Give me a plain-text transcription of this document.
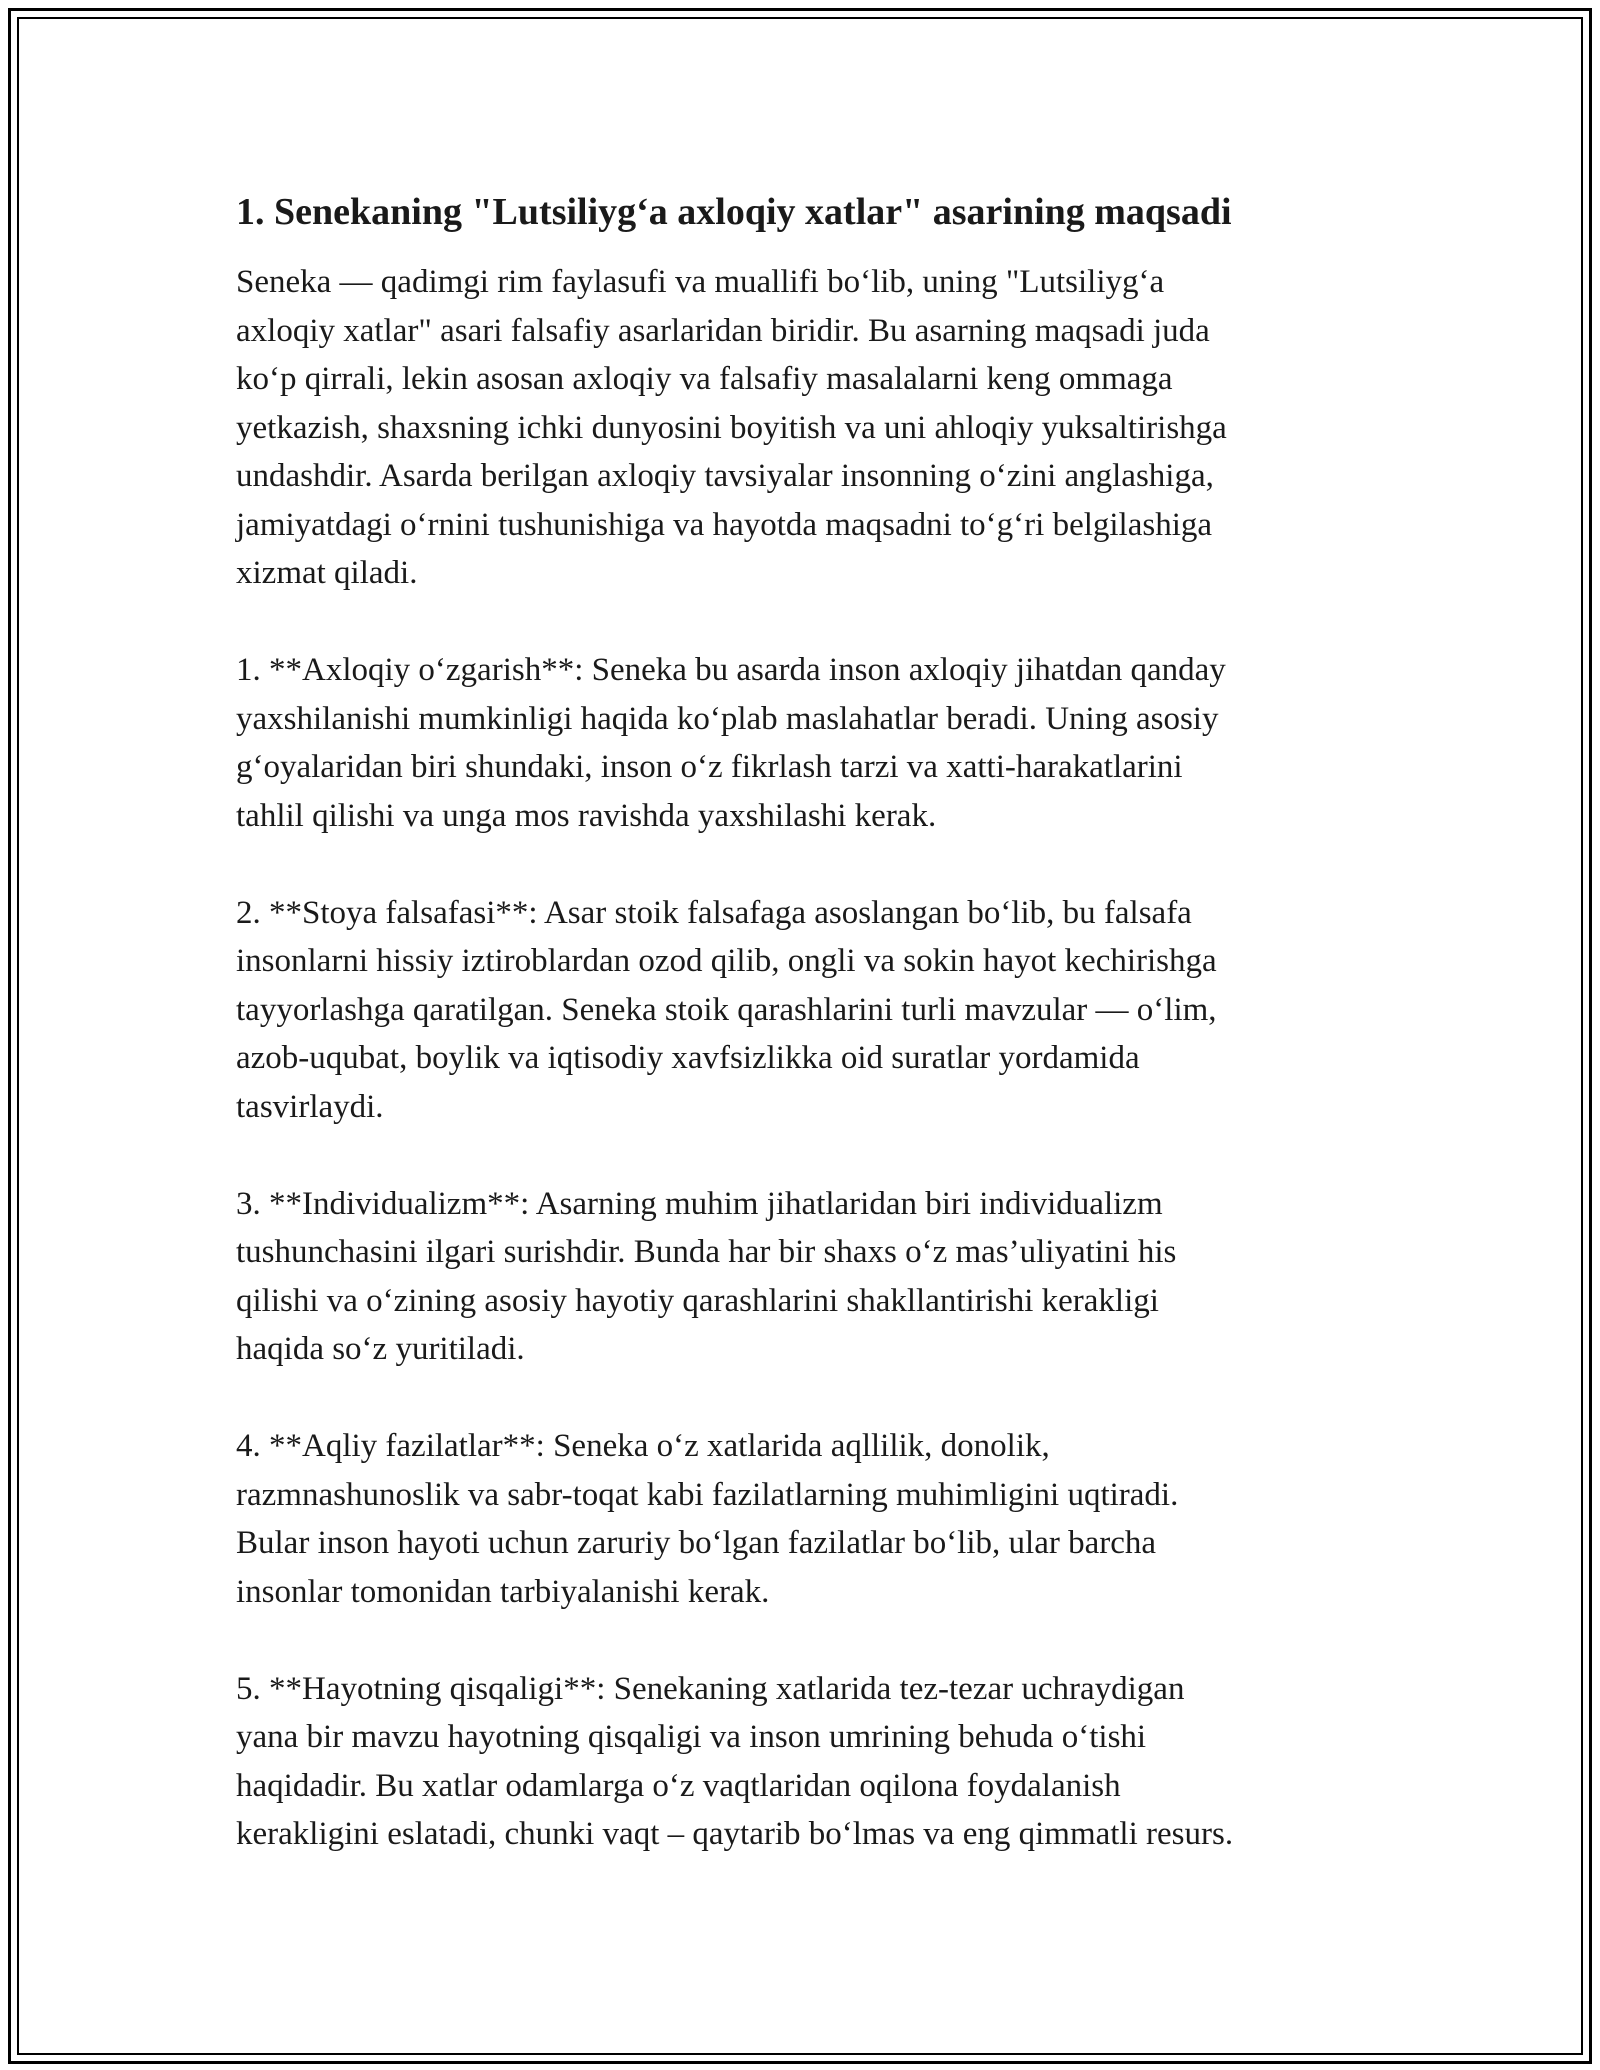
1. Senekaning "Lutsiliyg‘a axloqiy xatlar" asarining maqsadi
Seneka — qadimgi rim faylasufi va muallifi bo‘lib, uning "Lutsiliyg‘a
axloqiy xatlar" asari falsafiy asarlaridan biridir. Bu asarning maqsadi juda
ko‘p qirrali, lekin asosan axloqiy va falsafiy masalalarni keng ommaga
yetkazish, shaxsning ichki dunyosini boyitish va uni ahloqiy yuksaltirishga
undashdir. Asarda berilgan axloqiy tavsiyalar insonning o‘zini anglashiga,
jamiyatdagi o‘rnini tushunishiga va hayotda maqsadni to‘g‘ri belgilashiga
xizmat qiladi.
1. **Axloqiy o‘zgarish**: Seneka bu asarda inson axloqiy jihatdan qanday
yaxshilanishi mumkinligi haqida ko‘plab maslahatlar beradi. Uning asosiy
g‘oyalaridan biri shundaki, inson o‘z fikrlash tarzi va xatti-harakatlarini
tahlil qilishi va unga mos ravishda yaxshilashi kerak.
2. **Stoya falsafasi**: Asar stoik falsafaga asoslangan bo‘lib, bu falsafa
insonlarni hissiy iztiroblardan ozod qilib, ongli va sokin hayot kechirishga
tayyorlashga qaratilgan. Seneka stoik qarashlarini turli mavzular — o‘lim,
azob-uqubat, boylik va iqtisodiy xavfsizlikka oid suratlar yordamida
tasvirlaydi.
3. **Individualizm**: Asarning muhim jihatlaridan biri individualizm
tushunchasini ilgari surishdir. Bunda har bir shaxs o‘z mas’uliyatini his
qilishi va o‘zining asosiy hayotiy qarashlarini shakllantirishi kerakligi
haqida so‘z yuritiladi.
4. **Aqliy fazilatlar**: Seneka o‘z xatlarida aqllilik, donolik,
razmnashunoslik va sabr-toqat kabi fazilatlarning muhimligini uqtiradi.
Bular inson hayoti uchun zaruriy bo‘lgan fazilatlar bo‘lib, ular barcha
insonlar tomonidan tarbiyalanishi kerak.
5. **Hayotning qisqaligi**: Senekaning xatlarida tez-tezar uchraydigan
yana bir mavzu hayotning qisqaligi va inson umrining behuda o‘tishi
haqidadir. Bu xatlar odamlarga o‘z vaqtlaridan oqilona foydalanish
kerakligini eslatadi, chunki vaqt – qaytarib bo‘lmas va eng qimmatli resurs.
